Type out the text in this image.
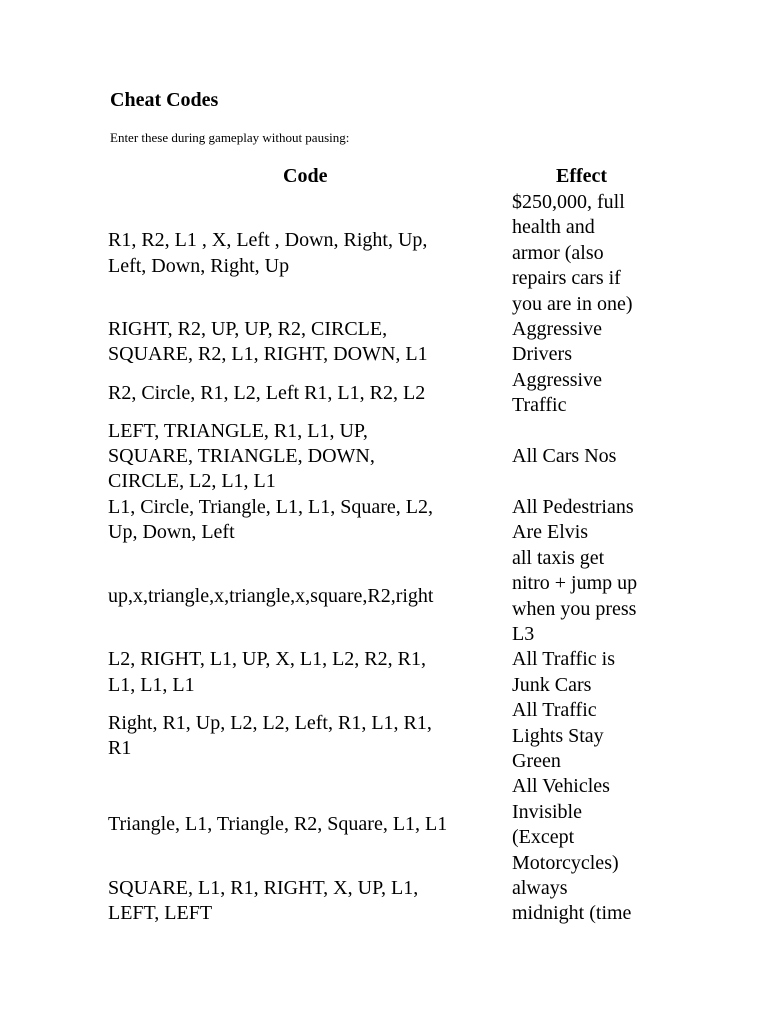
Cheat Codes
Enter these during gameplay without pausing:
Code	Effect
R1, R2, L1 , X, Left , Down, Right, Up,
Left, Down, Right, Up
$250,000, full
health and
armor (also
repairs cars if
you are in one)
RIGHT, R2, UP, UP, R2, CIRCLE,
SQUARE, R2, L1, RIGHT, DOWN, L1
Aggressive
Drivers
R2, Circle, R1, L2, Left R1, L1, R2, L2
Aggressive
Traffic
LEFT, TRIANGLE, R1, L1, UP,
SQUARE, TRIANGLE, DOWN,
CIRCLE, L2, L1, L1
All Cars Nos
L1, Circle, Triangle, L1, L1, Square, L2,
Up, Down, Left
All Pedestrians
Are Elvis
up,x,triangle,x,triangle,x,square,R2,right
all taxis get
nitro + jump up
when you press
L3
L2, RIGHT, L1, UP, X, L1, L2, R2, R1,
L1, L1, L1
All Traffic is
Junk Cars
Right, R1, Up, L2, L2, Left, R1, L1, R1,
R1
All Traffic
Lights Stay
Green
Triangle, L1, Triangle, R2, Square, L1, L1
All Vehicles
Invisible
(Except
Motorcycles)
SQUARE, L1, R1, RIGHT, X, UP, L1,
LEFT, LEFT
always
midnight (time
